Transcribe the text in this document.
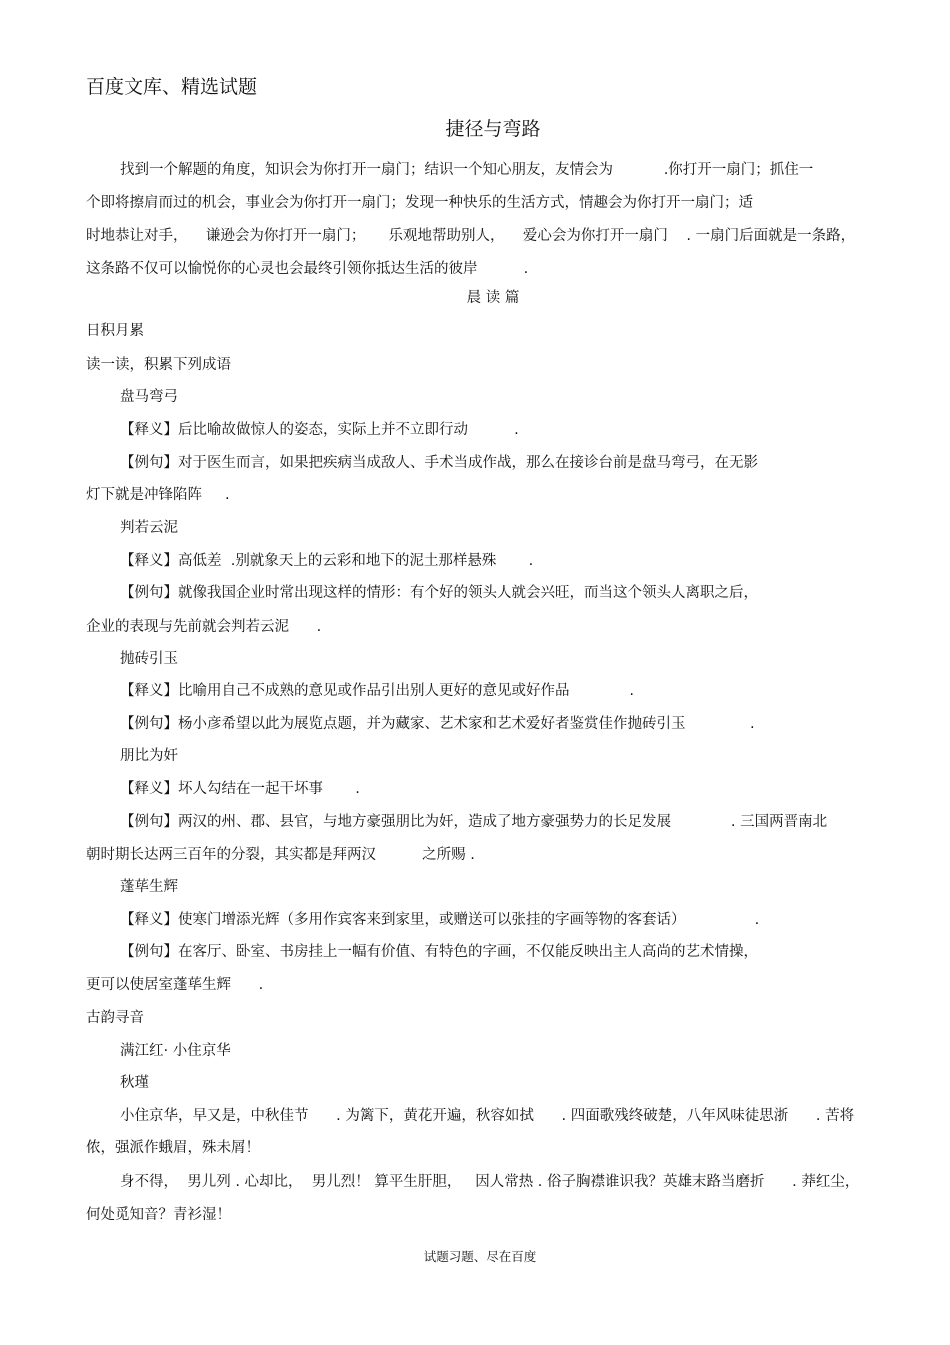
百度文库、精选试题
捷径与弯路
找到一个解题的角度，知识会为你打开一扇门；结识一个知心朋友，友情会为           .你打开一扇门；抓住一
个即将擦肩而过的机会，事业会为你打开一扇门；发现一种快乐的生活方式，情趣会为你打开一扇门；适
时地恭让对手，    谦逊会为你打开一扇门；     乐观地帮助别人，    爱心会为你打开一扇门    . 一扇门后面就是一条路，
这条路不仅可以愉悦你的心灵也会最终引领你抵达生活的彼岸          .
晨 读 篇
日积月累
读一读，积累下列成语
盘马弯弓
【释义】后比喻故做惊人的姿态，实际上并不立即行动          .
【例句】对于医生而言，如果把疾病当成敌人、手术当成作战，那么在接诊台前是盘马弯弓，在无影
灯下就是冲锋陷阵     .
判若云泥
【释义】高低差  .别就象天上的云彩和地下的泥土那样悬殊       .
【例句】就像我国企业时常出现这样的情形：有个好的领头人就会兴旺，而当这个领头人离职之后，
企业的表现与先前就会判若云泥      .
抛砖引玉
【释义】比喻用自己不成熟的意见或作品引出别人更好的意见或好作品             .
【例句】杨小彦希望以此为展览点题，并为藏家、艺术家和艺术爱好者鉴赏佳作抛砖引玉              .
朋比为奸
【释义】坏人勾结在一起干坏事       .
【例句】两汉的州、郡、县官，与地方豪强朋比为奸，造成了地方豪强势力的长足发展             . 三国两晋南北
朝时期长达两三百年的分裂，其实都是拜两汉          之所赐 .
蓬荜生辉
【释义】使寒门增添光辉（多用作宾客来到家里，或赠送可以张挂的字画等物的客套话）               .
【例句】在客厅、卧室、书房挂上一幅有价值、有特色的字画，不仅能反映出主人高尚的艺术情操，
更可以使居室蓬荜生辉      .
古韵寻音
满江红· 小住京华
秋瑾
小住京华，早又是，中秋佳节      . 为篱下，黄花开遍，秋容如拭      . 四面歌残终破楚，八年风味徒思浙      . 苦将
侬，强派作蛾眉，殊未屑！
身不得，  男儿列 . 心却比，  男儿烈！ 算平生肝胆，   因人常热 . 俗子胸襟谁识我？英雄末路当磨折      . 莽红尘，
何处觅知音？青衫湿！
试题习题、尽在百度
